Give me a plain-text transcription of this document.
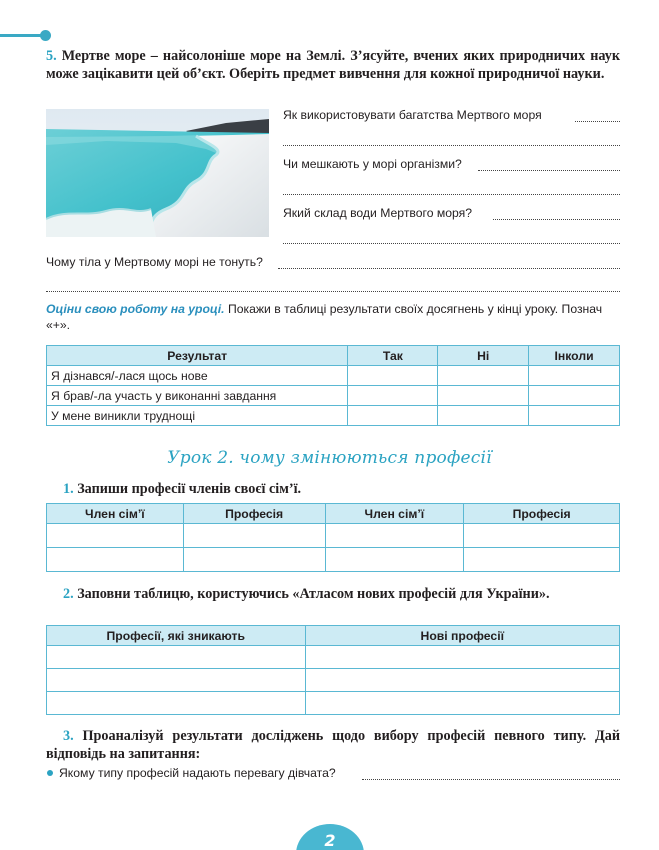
5. Мертве море – найсолоніше море на Землі. З’ясуйте, вчених яких природничих наук може зацікавити цей об’єкт. Оберіть предмет вивчення для кожної природничої науки.
Як використовувати багатства Мертвого моря
Чи мешкають у морі організми?
Який склад води Мертвого моря?
Чому тіла у Мертвому морі не тонуть?
Оціни свою роботу на уроці. Покажи в таблиці результати своїх досягнень у кінці уроку. Познач «+».
Результат	Так	Ні	Інколи
Я дізнався/-лася щось нове			
Я брав/-ла участь у виконанні завдання			
У мене виникли труднощі			
Урок 2. чому змінюються професії
1. Запиши професії членів своєї сім’ї.
Член сім’ї	Професія	Член сім’ї	Професія

2. Заповни таблицю, користуючись «Атласом нових професій для України».
Професії, які зникають	Нові професії

3. Проаналізуй результати досліджень щодо вибору професій певного типу. Дай відповідь на запитання:
Якому типу професій надають перевагу дівчата?
2
